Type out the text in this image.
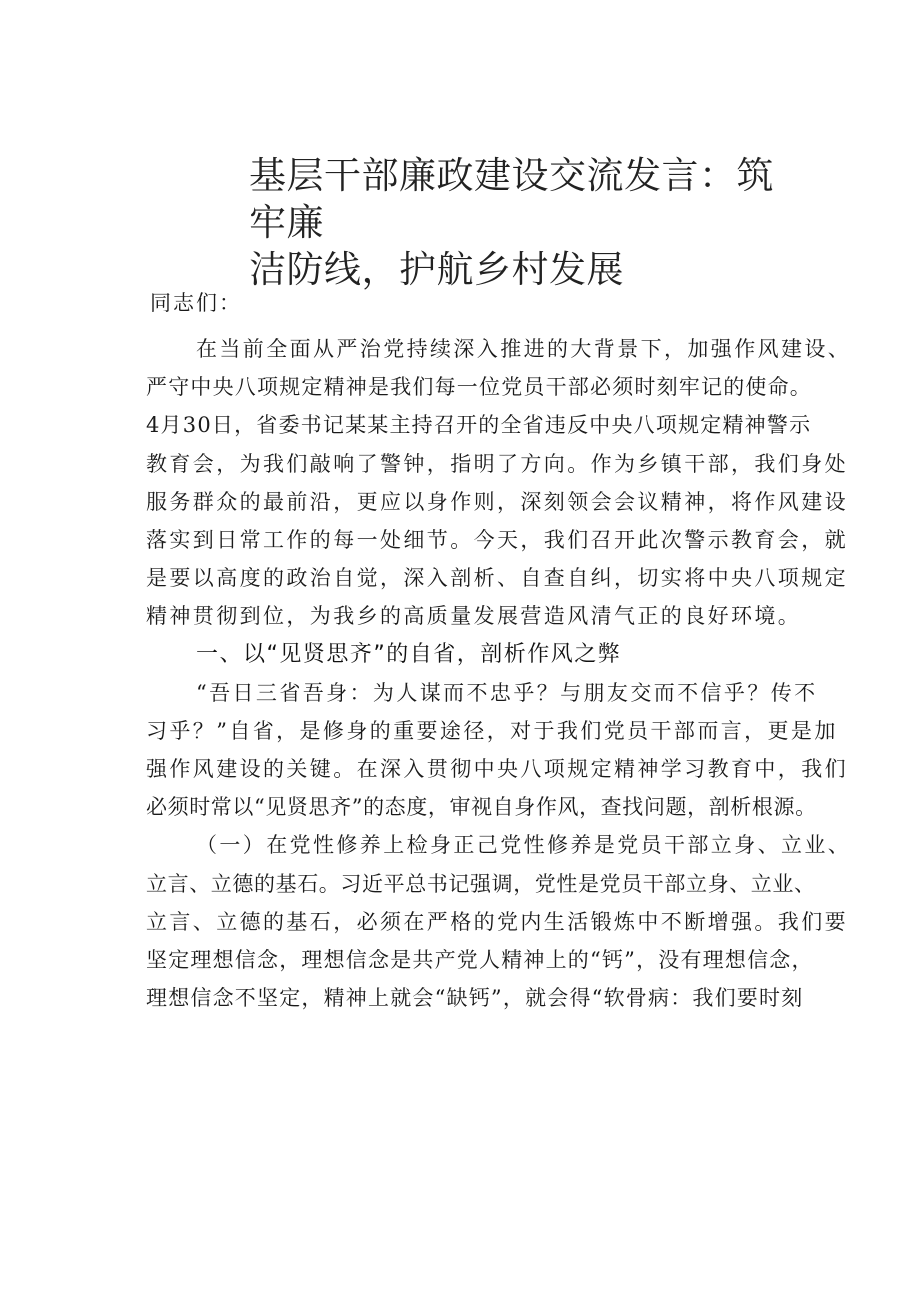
基层干部廉政建设交流发言：筑牢廉
洁防线，护航乡村发展
同志们：
在当前全面从严治党持续深入推进的大背景下，加强作风建设、
严守中央八项规定精神是我们每一位党员干部必须时刻牢记的使命。
4月30日，省委书记某某主持召开的全省违反中央八项规定精神警示
教育会，为我们敲响了警钟，指明了方向。作为乡镇干部，我们身处
服务群众的最前沿，更应以身作则，深刻领会会议精神，将作风建设
落实到日常工作的每一处细节。今天，我们召开此次警示教育会，就
是要以高度的政治自觉，深入剖析、自查自纠，切实将中央八项规定
精神贯彻到位，为我乡的高质量发展营造风清气正的良好环境。
一、以“见贤思齐”的自省，剖析作风之弊
“吾日三省吾身：为人谋而不忠乎？与朋友交而不信乎？传不
习乎？”自省，是修身的重要途径，对于我们党员干部而言，更是加
强作风建设的关键。在深入贯彻中央八项规定精神学习教育中，我们
必须时常以“见贤思齐”的态度，审视自身作风，查找问题，剖析根源。
（一）在党性修养上检身正己党性修养是党员干部立身、立业、
立言、立德的基石。习近平总书记强调，党性是党员干部立身、立业、
立言、立德的基石，必须在严格的党内生活锻炼中不断增强。我们要
坚定理想信念，理想信念是共产党人精神上的“钙”，没有理想信念，
理想信念不坚定，精神上就会“缺钙”，就会得“软骨病：我们要时刻
